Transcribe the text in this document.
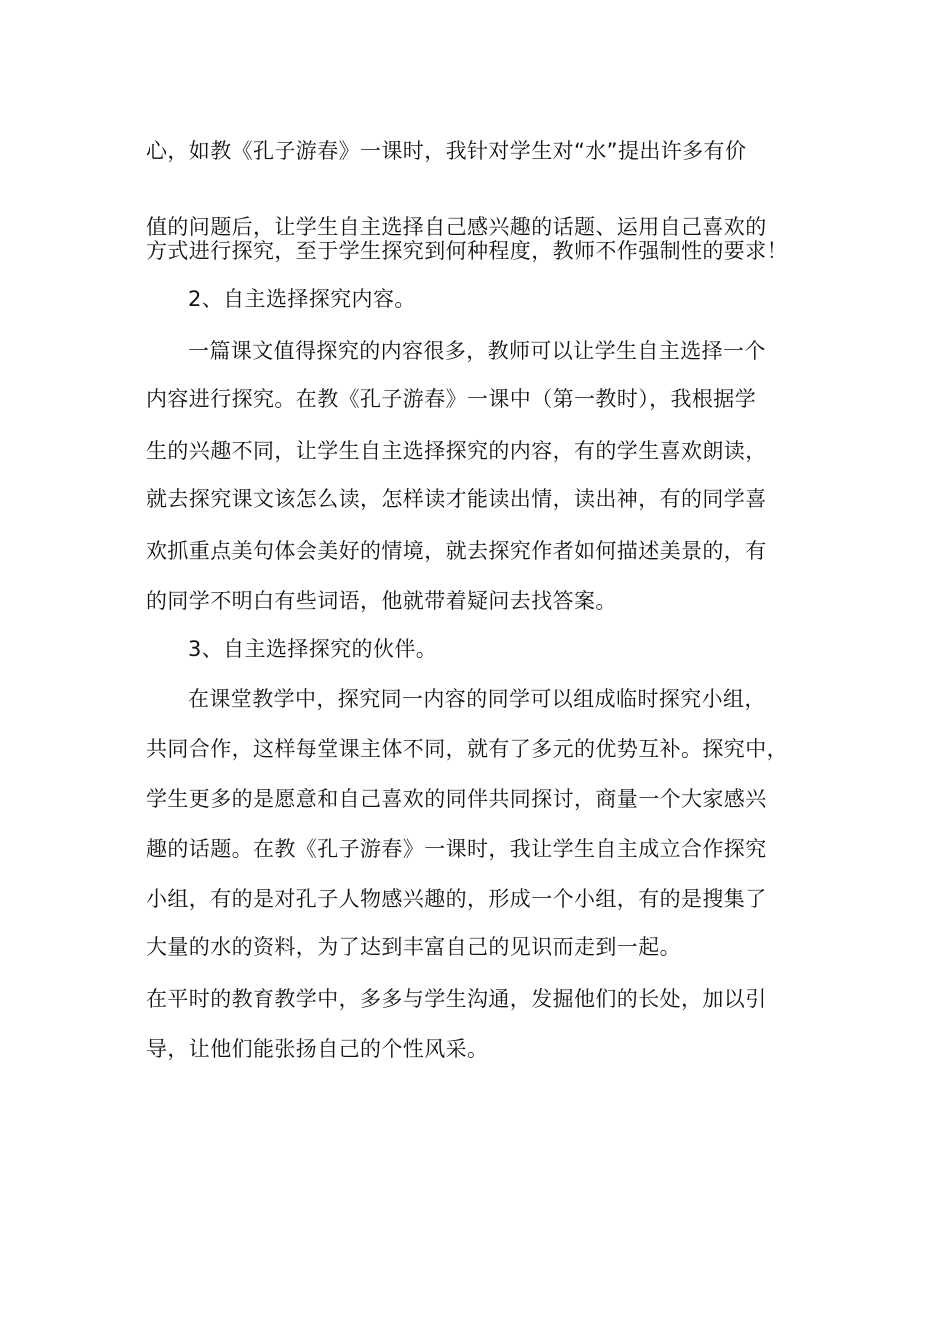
心，如教《孔子游春》一课时，我针对学生对“水”提出许多有价
值的问题后，让学生自主选择自己感兴趣的话题、运用自己喜欢的
方式进行探究，至于学生探究到何种程度，教师不作强制性的要求！
2、自主选择探究内容。
一篇课文值得探究的内容很多，教师可以让学生自主选择一个
内容进行探究。在教《孔子游春》一课中（第一教时），我根据学
生的兴趣不同，让学生自主选择探究的内容，有的学生喜欢朗读，
就去探究课文该怎么读，怎样读才能读出情，读出神，有的同学喜
欢抓重点美句体会美好的情境，就去探究作者如何描述美景的，有
的同学不明白有些词语，他就带着疑问去找答案。
3、自主选择探究的伙伴。
在课堂教学中，探究同一内容的同学可以组成临时探究小组，
共同合作，这样每堂课主体不同，就有了多元的优势互补。探究中，
学生更多的是愿意和自己喜欢的同伴共同探讨，商量一个大家感兴
趣的话题。在教《孔子游春》一课时，我让学生自主成立合作探究
小组，有的是对孔子人物感兴趣的，形成一个小组，有的是搜集了
大量的水的资料，为了达到丰富自己的见识而走到一起。
在平时的教育教学中，多多与学生沟通，发掘他们的长处，加以引
导，让他们能张扬自己的个性风采。
